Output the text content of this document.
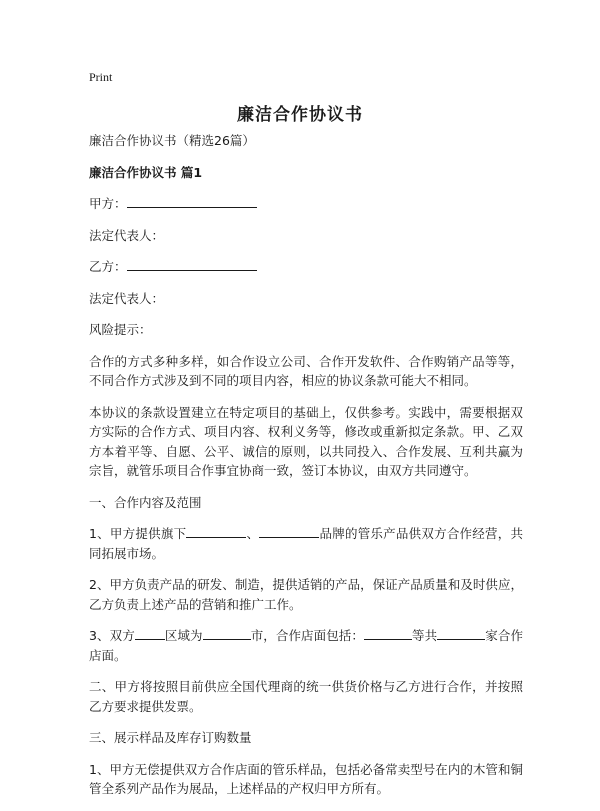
Print
廉洁合作协议书

廉洁合作协议书（精选26篇）

廉洁合作协议书 篇1

甲方：

法定代表人：

乙方：

法定代表人：

风险提示：

合作的方式多种多样，如合作设立公司、合作开发软件、合作购销产品等等，不同合作方式涉及到不同的项目内容，相应的协议条款可能大不相同。

本协议的条款设置建立在特定项目的基础上，仅供参考。实践中，需要根据双方实际的合作方式、项目内容、权利义务等，修改或重新拟定条款。甲、乙双方本着平等、自愿、公平、诚信的原则，以共同投入、合作发展、互利共赢为宗旨，就管乐项目合作事宜协商一致，签订本协议，由双方共同遵守。

一、合作内容及范围

1、甲方提供旗下	、	品牌的管乐产品供双方合作经营，共同拓展市场。

2、甲方负责产品的研发、制造，提供适销的产品，保证产品质量和及时供应，乙方负责上述产品的营销和推广工作。

3、双方 区域为	市，合作店面包括：	等共	家合作店面。

二、甲方将按照目前供应全国代理商的统一供货价格与乙方进行合作，并按照乙方要求提供发票。

三、展示样品及库存订购数量

1、甲方无偿提供双方合作店面的管乐样品，包括必备常卖型号在内的木管和铜管全系列产品作为展品，上述样品的产权归甲方所有。
